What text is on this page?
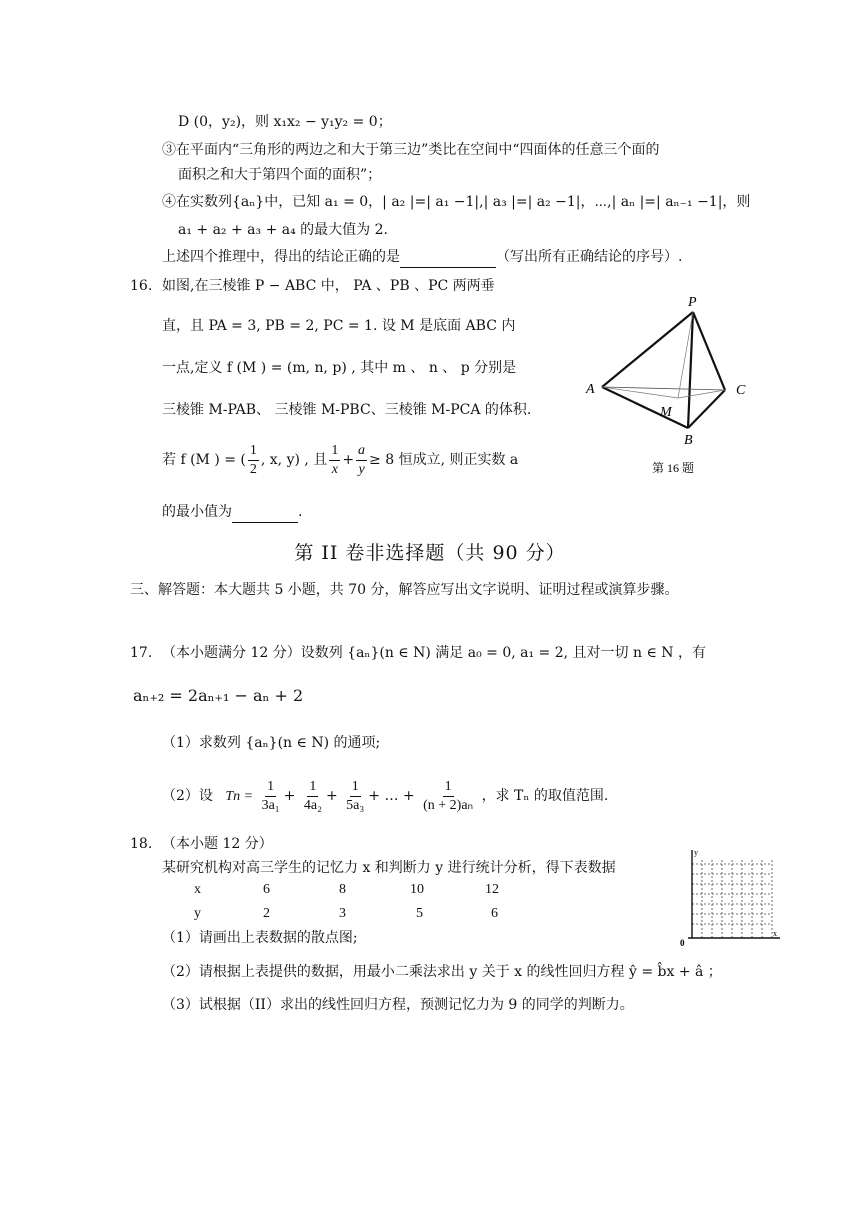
D (0，y₂)，则 x₁x₂ − y₁y₂ = 0；
③在平面内“三角形的两边之和大于第三边”类比在空间中“四面体的任意三个面的
面积之和大于第四个面的面积”；
④在实数列{aₙ}中，已知 a₁ = 0，| a₂ |=| a₁ −1|,| a₃ |=| a₂ −1|，⋯,| aₙ |=| aₙ₋₁ −1|，则
a₁ + a₂ + a₃ + a₄ 的最大值为 2.
上述四个推理中，得出的结论正确的是	（写出所有正确结论的序号）.
16. 如图,在三棱锥 P − ABC 中， PA 、PB 、PC 两两垂
直，且 PA = 3, PB = 2, PC = 1. 设 M 是底面 ABC 内
一点,定义 f (M ) = (m, n, p) , 其中 m 、 n 、 p 分别是
三棱锥 M-PAB、 三棱锥 M-PBC、三棱锥 M-PCA 的体积.
若 f (M ) = ( $\frac{1}{2}$ , x, y) , 且 $\frac{1}{x} + \frac{a}{y} \ge 8$ 恒成立, 则正实数 a
的最小值为	.
P
A	C
B
M
第 16 题
第 II 卷非选择题（共 90 分）
三、解答题：本大题共 5 小题，共 70 分，解答应写出文字说明、证明过程或演算步骤。
17. （本小题满分 12 分）设数列 {aₙ}(n ∈ N) 满足 a₀ = 0, a₁ = 2, 且对一切 n ∈ N ，有
aₙ₊₂ = 2aₙ₊₁ − aₙ + 2
（1）求数列 {aₙ}(n ∈ N) 的通项;
（2）设 $Tn = \frac{1}{\text{3a₁}} + \frac{1}{\text{4a₂}} + \frac{1}{\text{5a₃}}$ + … + $\frac{1}{\text{(n + 2)aₙ}}$ ，求 Tₙ 的取值范围.
18. （本小题 12 分）
某研究机构对高三学生的记忆力 x 和判断力 y 进行统计分析，得下表数据
x	6	8	10	12
y	2	3	5	6
（1）请画出上表数据的散点图;
（2）请根据上表提供的数据，用最小二乘法求出 y 关于 x 的线性回归方程 ŷ = b̂x + â ；
（3）试根据（II）求出的线性回归方程，预测记忆力为 9 的同学的判断力。
y
0
x
